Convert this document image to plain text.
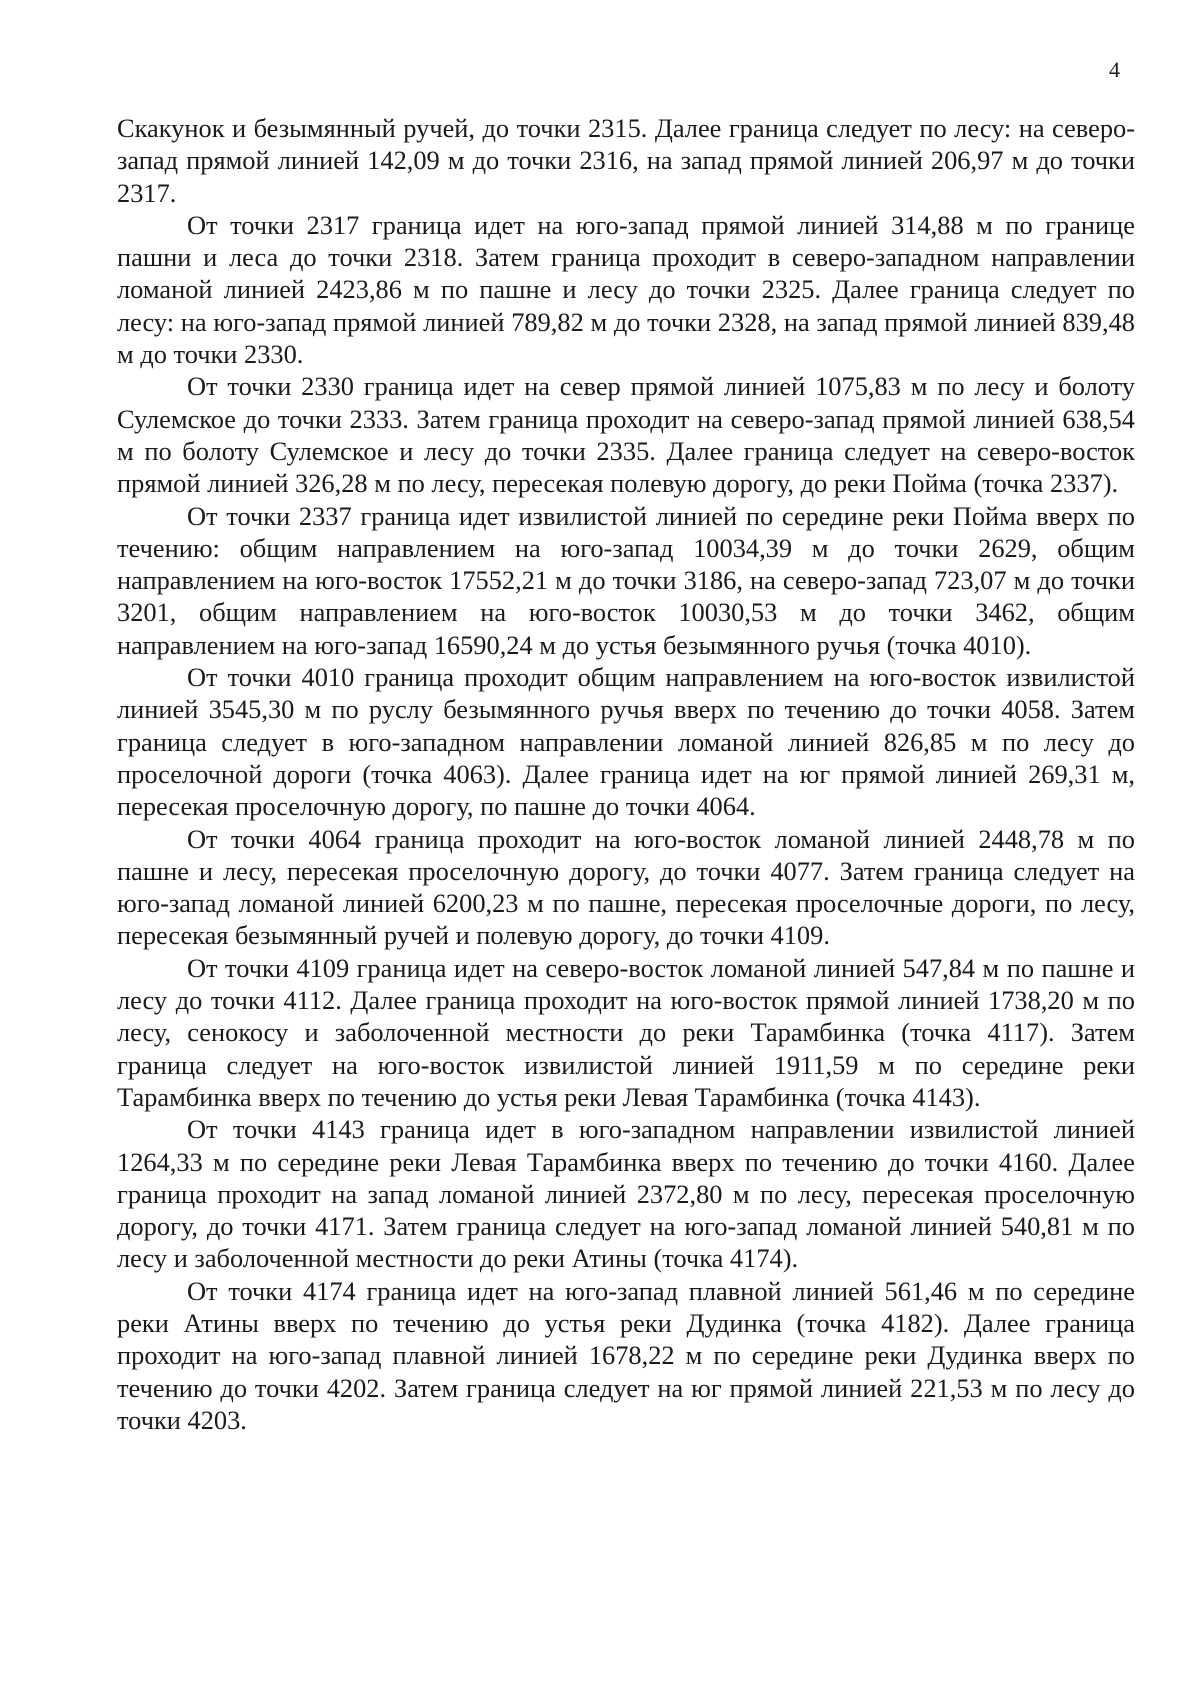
4

Скакунок и безымянный ручей, до точки 2315. Далее граница следует по лесу: на северо-запад прямой линией 142,09 м до точки 2316, на запад прямой линией 206,97 м до точки 2317.

От точки 2317 граница идет на юго-запад прямой линией 314,88 м по границе пашни и леса до точки 2318. Затем граница проходит в северо-западном направлении ломаной линией 2423,86 м по пашне и лесу до точки 2325. Далее граница следует по лесу: на юго-запад прямой линией 789,82 м до точки 2328, на запад прямой линией 839,48 м до точки 2330.

От точки 2330 граница идет на север прямой линией 1075,83 м по лесу и болоту Сулемское до точки 2333. Затем граница проходит на северо-запад прямой линией 638,54 м по болоту Сулемское и лесу до точки 2335. Далее граница следует на северо-восток прямой линией 326,28 м по лесу, пересекая полевую дорогу, до реки Пойма (точка 2337).

От точки 2337 граница идет извилистой линией по середине реки Пойма вверх по течению: общим направлением на юго-запад 10034,39 м до точки 2629, общим направлением на юго-восток 17552,21 м до точки 3186, на северо-запад 723,07 м до точки 3201, общим направлением на юго-восток 10030,53 м до точки 3462, общим направлением на юго-запад 16590,24 м до устья безымянного ручья (точка 4010).

От точки 4010 граница проходит общим направлением на юго-восток извилистой линией 3545,30 м по руслу безымянного ручья вверх по течению до точки 4058. Затем граница следует в юго-западном направлении ломаной линией 826,85 м по лесу до проселочной дороги (точка 4063). Далее граница идет на юг прямой линией 269,31 м, пересекая проселочную дорогу, по пашне до точки 4064.

От точки 4064 граница проходит на юго-восток ломаной линией 2448,78 м по пашне и лесу, пересекая проселочную дорогу, до точки 4077. Затем граница следует на юго-запад ломаной линией 6200,23 м по пашне, пересекая проселочные дороги, по лесу, пересекая безымянный ручей и полевую дорогу, до точки 4109.

От точки 4109 граница идет на северо-восток ломаной линией 547,84 м по пашне и лесу до точки 4112. Далее граница проходит на юго-восток прямой линией 1738,20 м по лесу, сенокосу и заболоченной местности до реки Тарамбинка (точка 4117). Затем граница следует на юго-восток извилистой линией 1911,59 м по середине реки Тарамбинка вверх по течению до устья реки Левая Тарамбинка (точка 4143).

От точки 4143 граница идет в юго-западном направлении извилистой линией 1264,33 м по середине реки Левая Тарамбинка вверх по течению до точки 4160. Далее граница проходит на запад ломаной линией 2372,80 м по лесу, пересекая проселочную дорогу, до точки 4171. Затем граница следует на юго-запад ломаной линией 540,81 м по лесу и заболоченной местности до реки Атины (точка 4174).

От точки 4174 граница идет на юго-запад плавной линией 561,46 м по середине реки Атины вверх по течению до устья реки Дудинка (точка 4182). Далее граница проходит на юго-запад плавной линией 1678,22 м по середине реки Дудинка вверх по течению до точки 4202. Затем граница следует на юг прямой линией 221,53 м по лесу до точки 4203.
